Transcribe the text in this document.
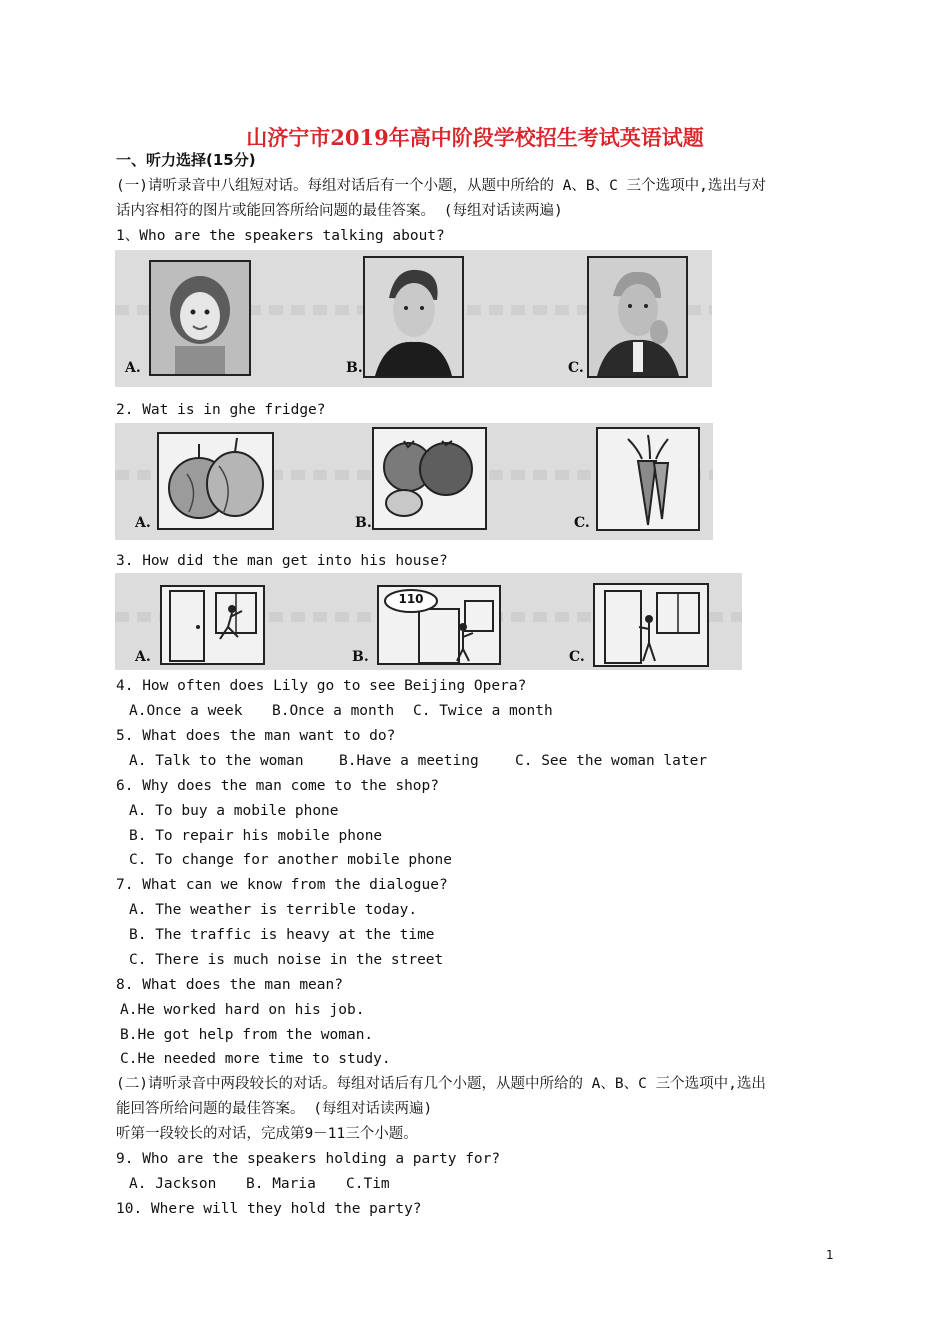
山济宁市2019年高中阶段学校招生考试英语试题
一、听力选择(15分)
(一)请听录音中八组短对话。每组对话后有一个小题，从题中所给的 A、B、C 三个选项中,选出与对
话内容相符的图片或能回答所给问题的最佳答案。 (每组对话读两遍)
1、Who are the speakers talking about?
A.	B.	C.
2. Wat is in ghe fridge?
A.	B.	C.
3. How did the man get into his house?
A.
110
B.	C.
4. How often does Lily go to see Beijing Opera?
A.Once a week B.Once a month C. Twice a month
5. What does the man want to do?
A. Talk to the woman B.Have a meeting	C. See the woman later
6. Why does the man come to the shop?
A. To buy a mobile phone
B. To repair his mobile phone
C. To change for another mobile phone
7. What can we know from the dialogue?
A. The weather is terrible today.
B. The traffic is heavy at the time
C. There is much noise in the street
8. What does the man mean?
A.He worked hard on his job.
B.He got help from the woman.
C.He needed more time to study.
(二)请听录音中两段较长的对话。每组对话后有几个小题，从题中所给的 A、B、C 三个选项中,选出
能回答所给问题的最佳答案。 (每组对话读两遍)
听第一段较长的对话，完成第9－11三个小题。
9. Who are the speakers holding a party for?
A. Jackson B. Maria C.Tim
10. Where will they hold the party?
1
